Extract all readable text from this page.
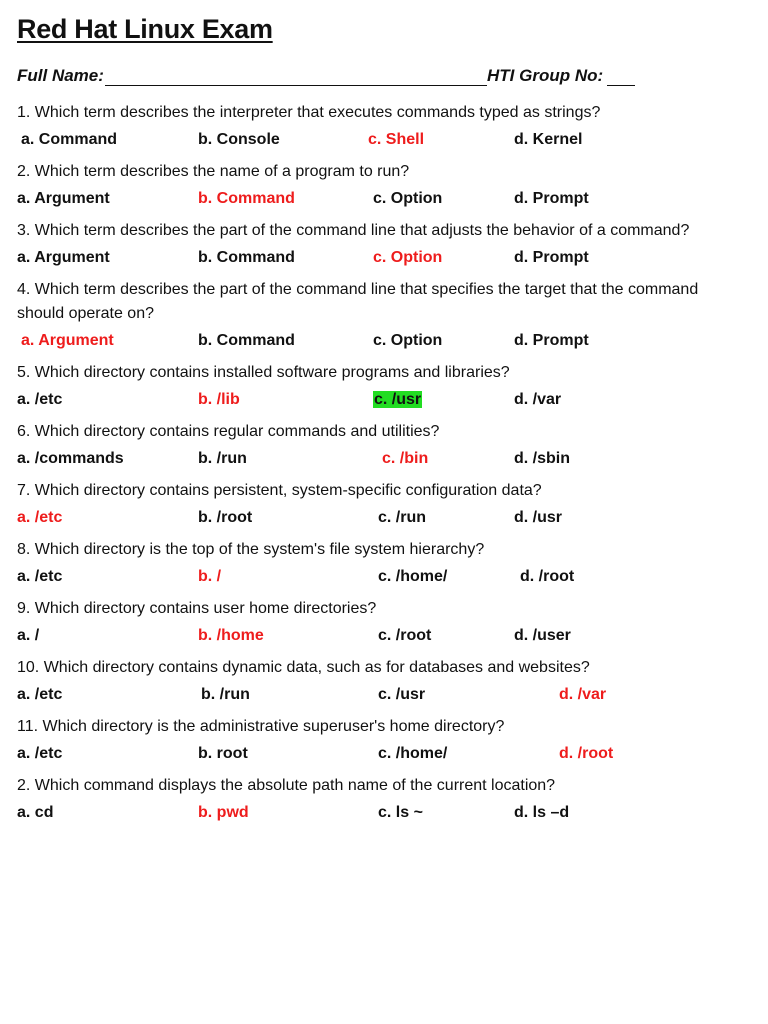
Red Hat Linux Exam
Full Name:	HTI Group No:

1. Which term describes the interpreter that executes commands typed as strings?

a. Command	b. Console	c. Shell	d. Kernel

2. Which term describes the name of a program to run?

a. Argument	b. Command	c. Option	d. Prompt

3. Which term describes the part of the command line that adjusts the behavior of a command?

a. Argument	b. Command	c. Option	d. Prompt

4. Which term describes the part of the command line that specifies the target that the command should operate on?

a. Argument	b. Command	c. Option	d. Prompt

5. Which directory contains installed software programs and libraries?

a. /etc	b. /lib	c. /usr	d. /var

6. Which directory contains regular commands and utilities?

a. /commands	b. /run	c. /bin	d. /sbin

7. Which directory contains persistent, system-specific configuration data?

a. /etc	b. /root	c. /run	d. /usr

8. Which directory is the top of the system's file system hierarchy?

a. /etc	b. /	c. /home/	d. /root

9. Which directory contains user home directories?

a. /	b. /home	c. /root	d. /user

10. Which directory contains dynamic data, such as for databases and websites?

a. /etc	b. /run	c. /usr	d. /var

11. Which directory is the administrative superuser's home directory?

a. /etc	b. root	c. /home/	d. /root

2. Which command displays the absolute path name of the current location?

a. cd	b. pwd	c. ls ~	d. ls –d
